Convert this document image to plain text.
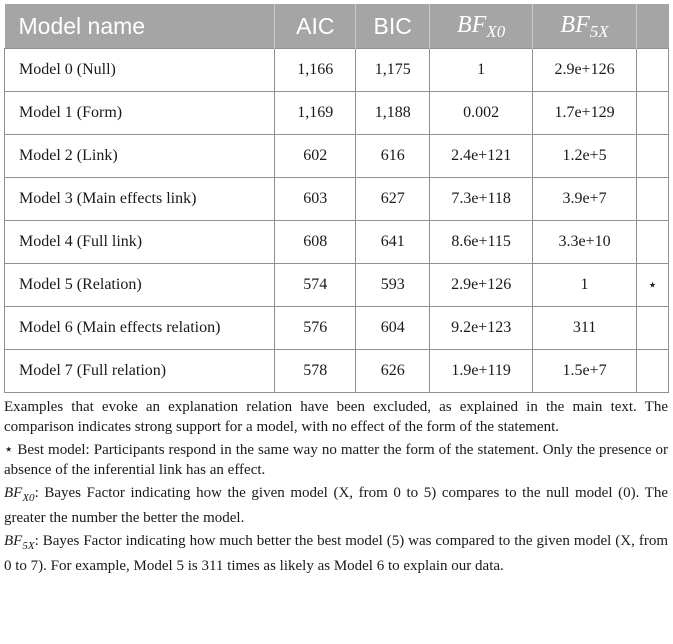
Model name	AIC	BIC	$BF_{X0}$	$BF_{5X}$	
Model 0 (Null)	1,166	1,175	1	2.9e+126	
Model 1 (Form)	1,169	1,188	0.002	1.7e+129	
Model 2 (Link)	602	616	2.4e+121	1.2e+5	
Model 3 (Main effects link)	603	627	7.3e+118	3.9e+7	
Model 4 (Full link)	608	641	8.6e+115	3.3e+10	
Model 5 (Relation)	574	593	2.9e+126	1	⋆
Model 6 (Main effects relation)	576	604	9.2e+123	311	
Model 7 (Full relation)	578	626	1.9e+119	1.5e+7	

Examples that evoke an explanation relation have been excluded, as explained in the main text. The comparison indicates strong support for a model, with no effect of the form of the statement.

⋆ Best model: Participants respond in the same way no matter the form of the statement. Only the presence or absence of the inferential link has an effect.

$BF_{X0}$: Bayes Factor indicating how the given model (X, from 0 to 5) compares to the null model (0). The greater the number the better the model.

$BF_{5X}$: Bayes Factor indicating how much better the best model (5) was compared to the given model (X, from 0 to 7). For example, Model 5 is 311 times as likely as Model 6 to explain our data.
